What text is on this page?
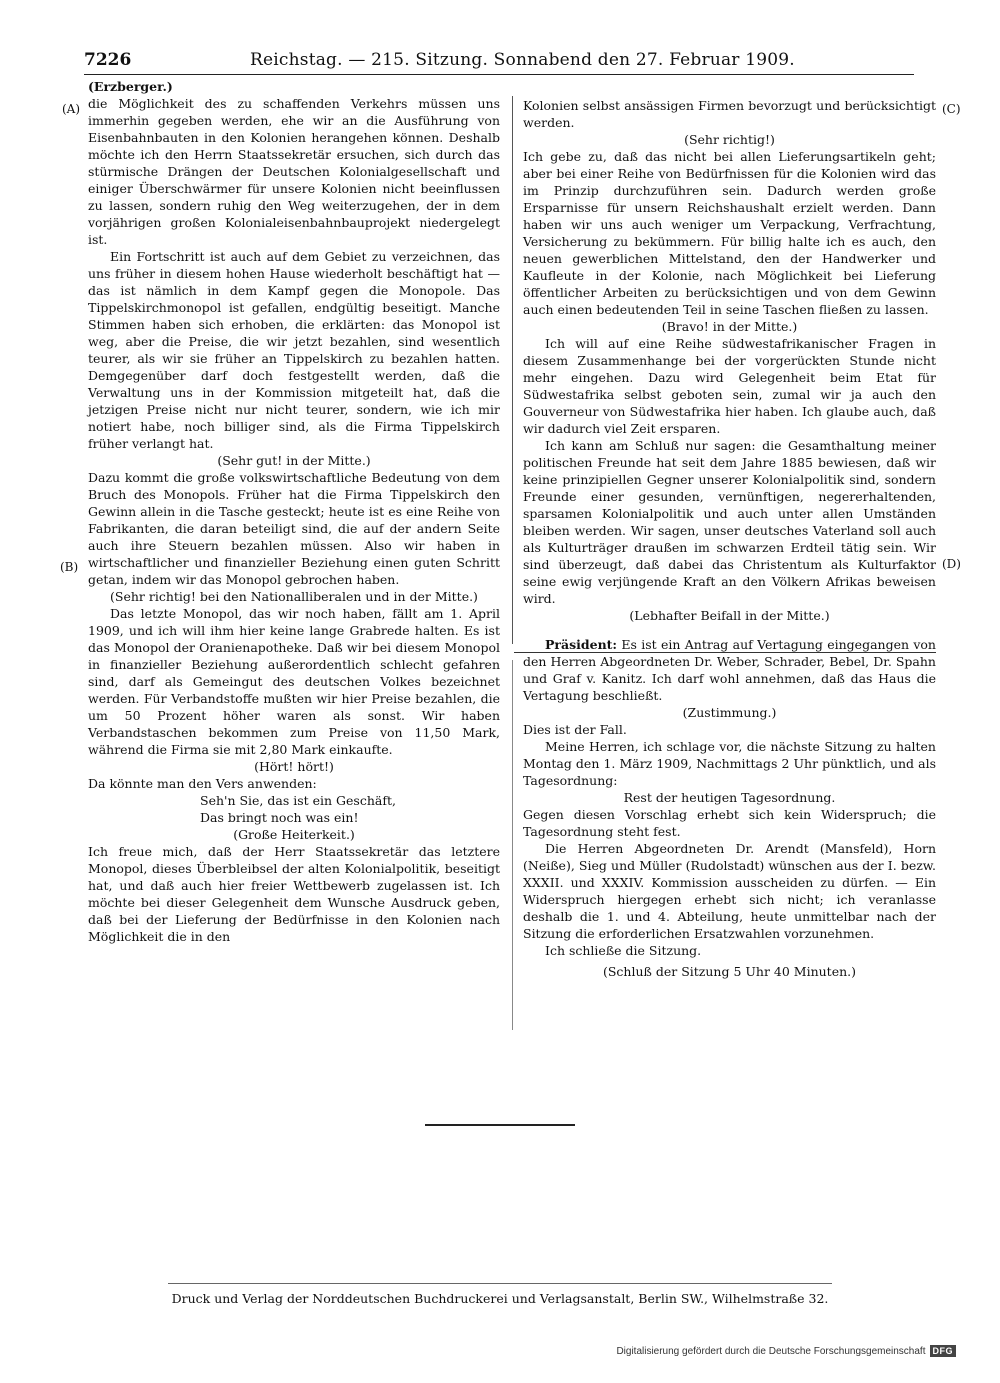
7226	Reichstag. — 215. Sitzung. Sonnabend den 27. Februar 1909.
(A)
(B)
(C)
(D)

(Erzberger.)

die Möglichkeit des zu schaffenden Verkehrs müssen uns immerhin gegeben werden, ehe wir an die Ausführung von Eisenbahnbauten in den Kolonien herangehen können. Deshalb möchte ich den Herrn Staatssekretär ersuchen, sich durch das stürmische Drängen der Deutschen Kolonialgesellschaft und einiger Überschwärmer für unsere Kolonien nicht beeinflussen zu lassen, sondern ruhig den Weg weiterzugehen, der in dem vorjährigen großen Kolonialeisenbahnbauprojekt niedergelegt ist.

Ein Fortschritt ist auch auf dem Gebiet zu verzeichnen, das uns früher in diesem hohen Hause wiederholt beschäftigt hat — das ist nämlich in dem Kampf gegen die Monopole. Das Tippelskirchmonopol ist gefallen, endgültig beseitigt. Manche Stimmen haben sich erhoben, die erklärten: das Monopol ist weg, aber die Preise, die wir jetzt bezahlen, sind wesentlich teurer, als wir sie früher an Tippelskirch zu bezahlen hatten. Demgegenüber darf doch festgestellt werden, daß die Verwaltung uns in der Kommission mitgeteilt hat, daß die jetzigen Preise nicht nur nicht teurer, sondern, wie ich mir notiert habe, noch billiger sind, als die Firma Tippelskirch früher verlangt hat.

(Sehr gut! in der Mitte.)

Dazu kommt die große volkswirtschaftliche Bedeutung von dem Bruch des Monopols. Früher hat die Firma Tippelskirch den Gewinn allein in die Tasche gesteckt; heute ist es eine Reihe von Fabrikanten, die daran beteiligt sind, die auf der andern Seite auch ihre Steuern bezahlen müssen. Also wir haben in wirtschaftlicher und finanzieller Beziehung einen guten Schritt getan, indem wir das Monopol gebrochen haben.

(Sehr richtig! bei den Nationalliberalen und in der Mitte.)

Das letzte Monopol, das wir noch haben, fällt am 1. April 1909, und ich will ihm hier keine lange Grabrede halten. Es ist das Monopol der Oranienapotheke. Daß wir bei diesem Monopol in finanzieller Beziehung außerordentlich schlecht gefahren sind, darf als Gemeingut des deutschen Volkes bezeichnet werden. Für Verbandstoffe mußten wir hier Preise bezahlen, die um 50 Prozent höher waren als sonst. Wir haben Verbandstaschen bekommen zum Preise von 11,50 Mark, während die Firma sie mit 2,80 Mark einkaufte.

(Hört! hört!)

Da könnte man den Vers anwenden:

Seh'n Sie, das ist ein Geschäft,

Das bringt noch was ein!

(Große Heiterkeit.)

Ich freue mich, daß der Herr Staatssekretär das letztere Monopol, dieses Überbleibsel der alten Kolonialpolitik, beseitigt hat, und daß auch hier freier Wettbewerb zugelassen ist. Ich möchte bei dieser Gelegenheit dem Wunsche Ausdruck geben, daß bei der Lieferung der Bedürfnisse in den Kolonien nach Möglichkeit die in den

Kolonien selbst ansässigen Firmen bevorzugt und berücksichtigt werden.

(Sehr richtig!)

Ich gebe zu, daß das nicht bei allen Lieferungsartikeln geht; aber bei einer Reihe von Bedürfnissen für die Kolonien wird das im Prinzip durchzuführen sein. Dadurch werden große Ersparnisse für unsern Reichshaushalt erzielt werden. Dann haben wir uns auch weniger um Verpackung, Verfrachtung, Versicherung zu bekümmern. Für billig halte ich es auch, den neuen gewerblichen Mittelstand, den der Handwerker und Kaufleute in der Kolonie, nach Möglichkeit bei Lieferung öffentlicher Arbeiten zu berücksichtigen und von dem Gewinn auch einen bedeutenden Teil in seine Taschen fließen zu lassen.

(Bravo! in der Mitte.)

Ich will auf eine Reihe südwestafrikanischer Fragen in diesem Zusammenhange bei der vorgerückten Stunde nicht mehr eingehen. Dazu wird Gelegenheit beim Etat für Südwestafrika selbst geboten sein, zumal wir ja auch den Gouverneur von Südwestafrika hier haben. Ich glaube auch, daß wir dadurch viel Zeit ersparen.

Ich kann am Schluß nur sagen: die Gesamthaltung meiner politischen Freunde hat seit dem Jahre 1885 bewiesen, daß wir keine prinzipiellen Gegner unserer Kolonialpolitik sind, sondern Freunde einer gesunden, vernünftigen, negererhaltenden, sparsamen Kolonialpolitik und auch unter allen Umständen bleiben werden. Wir sagen, unser deutsches Vaterland soll auch als Kulturträger draußen im schwarzen Erdteil tätig sein. Wir sind überzeugt, daß dabei das Christentum als Kulturfaktor seine ewig verjüngende Kraft an den Völkern Afrikas beweisen wird.

(Lebhafter Beifall in der Mitte.)

Präsident: Es ist ein Antrag auf Vertagung eingegangen von den Herren Abgeordneten Dr. Weber, Schrader, Bebel, Dr. Spahn und Graf v. Kanitz. Ich darf wohl annehmen, daß das Haus die Vertagung beschließt.

(Zustimmung.)

Dies ist der Fall.

Meine Herren, ich schlage vor, die nächste Sitzung zu halten Montag den 1. März 1909, Nachmittags 2 Uhr pünktlich, und als Tagesordnung:

Rest der heutigen Tagesordnung.

Gegen diesen Vorschlag erhebt sich kein Widerspruch; die Tagesordnung steht fest.

Die Herren Abgeordneten Dr. Arendt (Mansfeld), Horn (Neiße), Sieg und Müller (Rudolstadt) wünschen aus der I. bezw. XXXII. und XXXIV. Kommission ausscheiden zu dürfen. — Ein Widerspruch hiergegen erhebt sich nicht; ich veranlasse deshalb die 1. und 4. Abteilung, heute unmittelbar nach der Sitzung die erforderlichen Ersatzwahlen vorzunehmen.

Ich schließe die Sitzung.

(Schluß der Sitzung 5 Uhr 40 Minuten.)

Druck und Verlag der Norddeutschen Buchdruckerei und Verlagsanstalt, Berlin SW., Wilhelmstraße 32.
Digitalisierung gefördert durch die Deutsche Forschungsgemeinschaft DFG
